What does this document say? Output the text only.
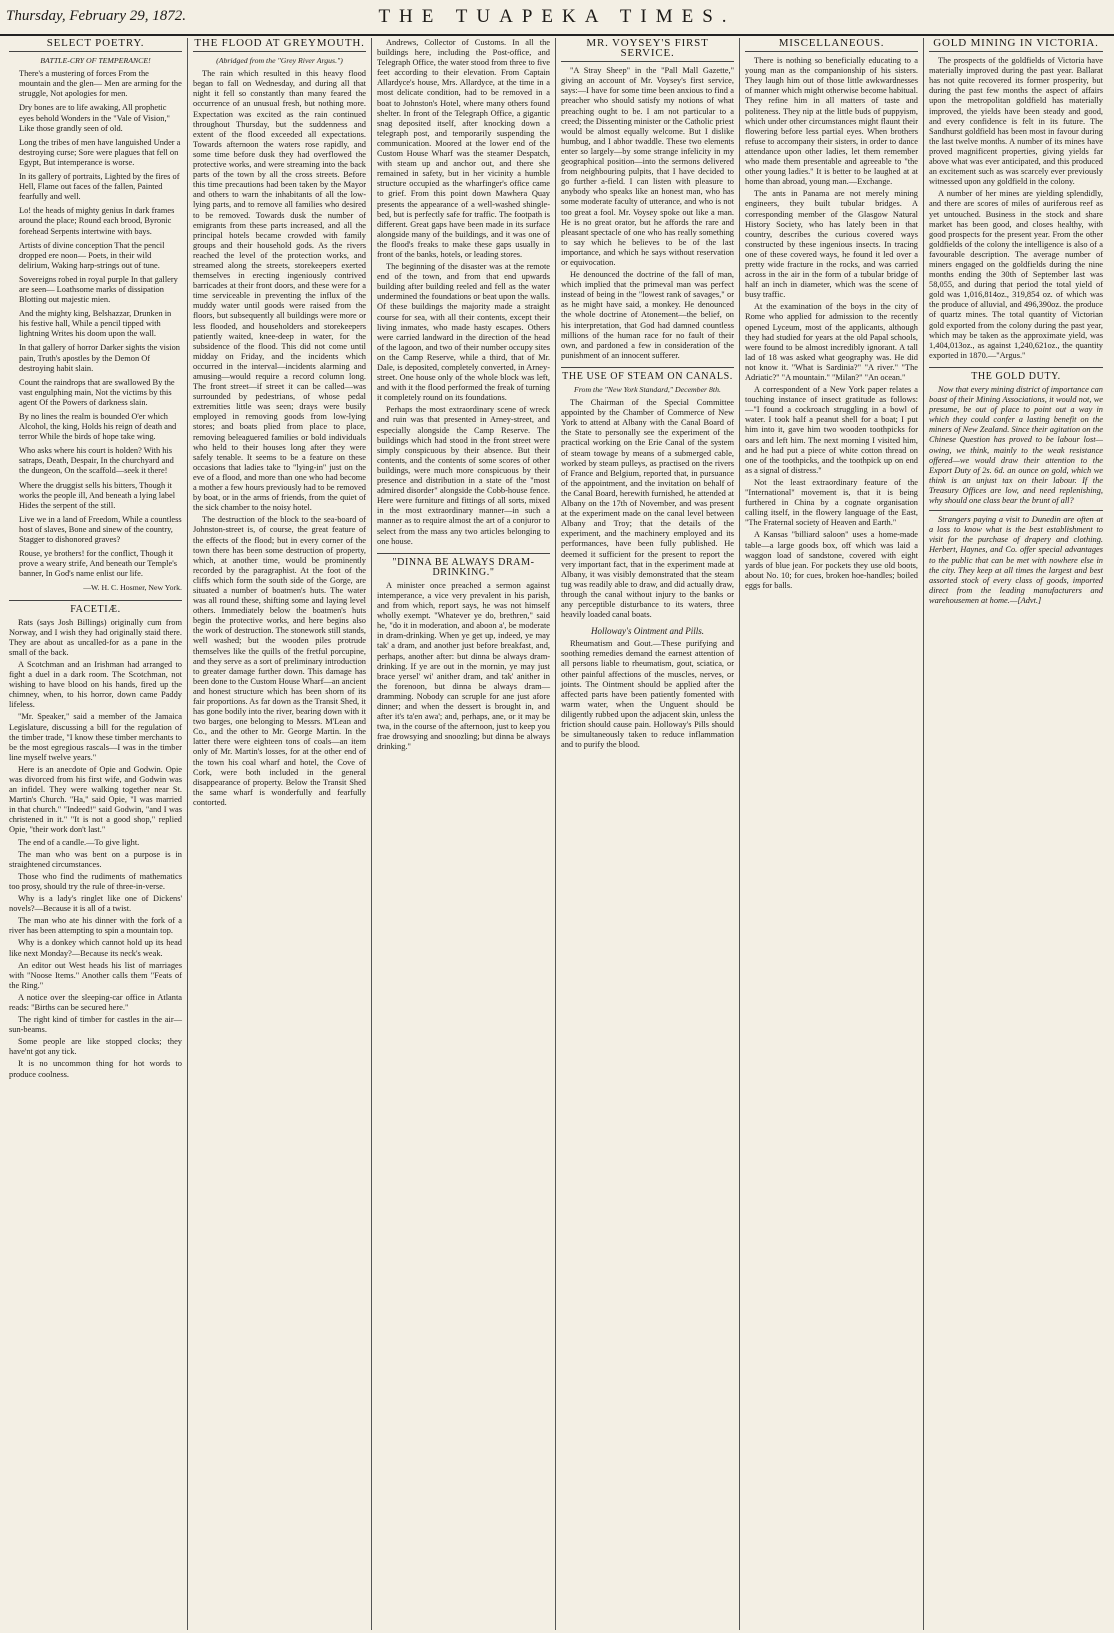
Thursday, February 29, 1872.	THE TUAPEKA TIMES.
SELECT POETRY.
BATTLE-CRY OF TEMPERANCE!

There's a mustering of forces From the mountain and the glen— Men are arming for the struggle, Not apologies for men.

Dry bones are to life awaking, All prophetic eyes behold Wonders in the "Vale of Vision," Like those grandly seen of old.

Long the tribes of men have languished Under a destroying curse; Sore were plagues that fell on Egypt, But intemperance is worse.

In its gallery of portraits, Lighted by the fires of Hell, Flame out faces of the fallen, Painted fearfully and well.

Lo! the heads of mighty genius In dark frames around the place; Round each brood, Byronic forehead Serpents intertwine with bays.

Artists of divine conception That the pencil dropped ere noon— Poets, in their wild delirium, Waking harp-strings out of tune.

Sovereigns robed in royal purple In that gallery are seen— Loathsome marks of dissipation Blotting out majestic mien.

And the mighty king, Belshazzar, Drunken in his festive hall, While a pencil tipped with lightning Writes his doom upon the wall.

In that gallery of horror Darker sights the vision pain, Truth's apostles by the Demon Of destroying habit slain.

Count the raindrops that are swallowed By the vast engulphing main, Not the victims by this agent Of the Powers of darkness slain.

By no lines the realm is bounded O'er which Alcohol, the king, Holds his reign of death and terror While the birds of hope take wing.

Who asks where his court is holden? With his satraps, Death, Despair, In the churchyard and the dungeon, On the scaffold—seek it there!

Where the druggist sells his bitters, Though it works the people ill, And beneath a lying label Hides the serpent of the still.

Live we in a land of Freedom, While a countless host of slaves, Bone and sinew of the country, Stagger to dishonored graves?

Rouse, ye brothers! for the conflict, Though it prove a weary strife, And beneath our Temple's banner, In God's name enlist our life.

—W. H. C. Hosmer, New York.
FACETIÆ.

Rats (says Josh Billings) originally cum from Norway, and I wish they had originally staid there. They are about as uncalled-for as a pane in the small of the back.

A Scotchman and an Irishman had arranged to fight a duel in a dark room. The Scotchman, not wishing to have blood on his hands, fired up the chimney, when, to his horror, down came Paddy lifeless.

"Mr. Speaker," said a member of the Jamaica Legislature, discussing a bill for the regulation of the timber trade, "I know these timber merchants to be the most egregious rascals—I was in the timber line myself twelve years."

Here is an anecdote of Opie and Godwin. Opie was divorced from his first wife, and Godwin was an infidel. They were walking together near St. Martin's Church. "Ha," said Opie, "I was married in that church." "Indeed!" said Godwin, "and I was christened in it." "It is not a good shop," replied Opie, "their work don't last."

The end of a candle.—To give light.

The man who was bent on a purpose is in straightened circumstances.

Those who find the rudiments of mathematics too prosy, should try the rule of three-in-verse.

Why is a lady's ringlet like one of Dickens' novels?—Because it is all of a twist.

The man who ate his dinner with the fork of a river has been attempting to spin a mountain top.

Why is a donkey which cannot hold up its head like next Monday?—Because its neck's weak.

An editor out West heads his list of marriages with "Noose Items." Another calls them "Feats of the Ring."

A notice over the sleeping-car office in Atlanta reads: "Births can be secured here."

The right kind of timber for castles in the air—sun-beams.

Some people are like stopped clocks; they have'nt got any tick.

It is no uncommon thing for hot words to produce coolness.

THE FLOOD AT GREYMOUTH.
(Abridged from the "Grey River Argus.")

The rain which resulted in this heavy flood began to fall on Wednesday, and during all that night it fell so constantly than many feared the occurrence of an unusual fresh, but nothing more. Expectation was excited as the rain continued throughout Thursday, but the suddenness and extent of the flood exceeded all expectations. Towards afternoon the waters rose rapidly, and some time before dusk they had overflowed the protective works, and were streaming into the back parts of the town by all the cross streets. Before this time precautions had been taken by the Mayor and others to warn the inhabitants of all the low-lying parts, and to remove all families who desired to be removed. Towards dusk the number of emigrants from these parts increased, and all the principal hotels became crowded with family groups and their household gods. As the rivers reached the level of the protection works, and streamed along the streets, storekeepers exerted themselves in erecting ingeniously contrived barricades at their front doors, and these were for a time serviceable in preventing the influx of the muddy water until goods were raised from the floors, but subsequently all buildings were more or less flooded, and householders and storekeepers patiently waited, knee-deep in water, for the subsidence of the flood. This did not come until midday on Friday, and the incidents which occurred in the interval—incidents alarming and amusing—would require a record column long. The front street—if street it can be called—was surrounded by pedestrians, of whose pedal extremities little was seen; drays were busily employed in removing goods from low-lying stores; and boats plied from place to place, removing beleaguered families or bold individuals who held to their houses long after they were safely tenable. It seems to be a feature on these occasions that ladies take to "lying-in" just on the eve of a flood, and more than one who had become a mother a few hours previously had to be removed by boat, or in the arms of friends, from the quiet of the sick chamber to the noisy hotel.

The destruction of the block to the sea-board of Johnston-street is, of course, the great feature of the effects of the flood; but in every corner of the town there has been some destruction of property, which, at another time, would be prominently recorded by the paragraphist. At the foot of the cliffs which form the south side of the Gorge, are situated a number of boatmen's huts. The water was all round these, shifting some and laying level others. Immediately below the boatmen's huts begin the protective works, and here begins also the work of destruction. The stonework still stands, well washed; but the wooden piles protrude themselves like the quills of the fretful porcupine, and they serve as a sort of preliminary introduction to greater damage further down. This damage has been done to the Custom House Wharf—an ancient and honest structure which has been shorn of its fair proportions. As far down as the Transit Shed, it has gone bodily into the river, bearing down with it two barges, one belonging to Messrs. M'Lean and Co., and the other to Mr. George Martin. In the latter there were eighteen tons of coals—an item only of Mr. Martin's losses, for at the other end of the town his coal wharf and hotel, the Cove of Cork, were both included in the general disappearance of property. Below the Transit Shed the same wharf is wonderfully and fearfully contorted.

Andrews, Collector of Customs. In all the buildings here, including the Post-office, and Telegraph Office, the water stood from three to five feet according to their elevation. From Captain Allardyce's house, Mrs. Allardyce, at the time in a most delicate condition, had to be removed in a boat to Johnston's Hotel, where many others found shelter. In front of the Telegraph Office, a gigantic snag deposited itself, after knocking down a telegraph post, and temporarily suspending the communication. Moored at the lower end of the Custom House Wharf was the steamer Despatch, with steam up and anchor out, and there she remained in safety, but in her vicinity a humble structure occupied as the wharfinger's office came to grief. From this point down Mawhera Quay presents the appearance of a well-washed shingle-bed, but is perfectly safe for traffic. The footpath is different. Great gaps have been made in its surface alongside many of the buildings, and it was one of the flood's freaks to make these gaps usually in front of the banks, hotels, or leading stores.

The beginning of the disaster was at the remote end of the town, and from that end upwards building after building reeled and fell as the water undermined the foundations or beat upon the walls. Of these buildings the majority made a straight course for sea, with all their contents, except their living inmates, who made hasty escapes. Others were carried landward in the direction of the head of the lagoon, and two of their number occupy sites on the Camp Reserve, while a third, that of Mr. Dale, is deposited, completely converted, in Arney-street. One house only of the whole block was left, and with it the flood performed the freak of turning it completely round on its foundations.

Perhaps the most extraordinary scene of wreck and ruin was that presented in Arney-street, and especially alongside the Camp Reserve. The buildings which had stood in the front street were simply conspicuous by their absence. But their contents, and the contents of some scores of other buildings, were much more conspicuous by their presence and distribution in a state of the "most admired disorder" alongside the Cobb-house fence. Here were furniture and fittings of all sorts, mixed in the most extraordinary manner—in such a manner as to require almost the art of a conjuror to select from the mass any two articles belonging to one house.

"DINNA BE ALWAYS DRAM-DRINKING."

A minister once preached a sermon against intemperance, a vice very prevalent in his parish, and from which, report says, he was not himself wholly exempt. "Whatever ye do, brethren," said he, "do it in moderation, and aboon a', be moderate in dram-drinking. When ye get up, indeed, ye may tak' a dram, and another just before breakfast, and, perhaps, another after: but dinna be always dram-drinking. If ye are out in the mornin, ye may just brace yersel' wi' anither dram, and tak' anither in the forenoon, but dinna be always dram—dramming. Nobody can scruple for ane just afore dinner; and when the dessert is brought in, and after it's ta'en awa'; and, perhaps, ane, or it may be twa, in the course of the afternoon, just to keep you frae drowsying and snoozling; but dinna be always drinking."

MR. VOYSEY'S FIRST SERVICE.

"A Stray Sheep" in the "Pall Mall Gazette," giving an account of Mr. Voysey's first service, says:—I have for some time been anxious to find a preacher who should satisfy my notions of what preaching ought to be. I am not particular to a creed; the Dissenting minister or the Catholic priest would be almost equally welcome. But I dislike humbug, and I abhor twaddle. These two elements enter so largely—by some strange infelicity in my geographical position—into the sermons delivered from neighbouring pulpits, that I have decided to go further a-field. I can listen with pleasure to anybody who speaks like an honest man, who has some moderate faculty of utterance, and who is not too great a fool. Mr. Voysey spoke out like a man. He is no great orator, but he affords the rare and pleasant spectacle of one who has really something to say which he believes to be of the last importance, and which he says without reservation or equivocation.

He denounced the doctrine of the fall of man, which implied that the primeval man was perfect instead of being in the "lowest rank of savages," or as he might have said, a monkey. He denounced the whole doctrine of Atonement—the belief, on his interpretation, that God had damned countless millions of the human race for no fault of their own, and pardoned a few in consideration of the punishment of an innocent sufferer.

THE USE OF STEAM ON CANALS.
From the "New York Standard," December 8th.

The Chairman of the Special Committee appointed by the Chamber of Commerce of New York to attend at Albany with the Canal Board of the State to personally see the experiment of the practical working on the Erie Canal of the system of steam towage by means of a submerged cable, worked by steam pulleys, as practised on the rivers of France and Belgium, reported that, in pursuance of the appointment, and the invitation on behalf of the Canal Board, herewith furnished, he attended at Albany on the 17th of November, and was present at the experiment made on the canal level between Albany and Troy; that the details of the experiment, and the machinery employed and its performances, have been fully published. He deemed it sufficient for the present to report the very important fact, that in the experiment made at Albany, it was visibly demonstrated that the steam tug was readily able to draw, and did actually draw, through the canal without injury to the banks or any perceptible disturbance to its waters, three heavily loaded canal boats.

Holloway's Ointment and Pills.

Rheumatism and Gout.—These purifying and soothing remedies demand the earnest attention of all persons liable to rheumatism, gout, sciatica, or other painful affections of the muscles, nerves, or joints. The Ointment should be applied after the affected parts have been patiently fomented with warm water, when the Unguent should be diligently rubbed upon the adjacent skin, unless the friction should cause pain. Holloway's Pills should be simultaneously taken to reduce inflammation and to purify the blood.

MISCELLANEOUS.

There is nothing so beneficially educating to a young man as the companionship of his sisters. They laugh him out of those little awkwardnesses of manner which might otherwise become habitual. They refine him in all matters of taste and politeness. They nip at the little buds of puppyism, which under other circumstances might flaunt their flowering before less partial eyes. When brothers refuse to accompany their sisters, in order to dance attendance upon other ladies, let them remember who made them presentable and agreeable to "the other young ladies." It is better to be laughed at at home than abroad, young man.—Exchange.

The ants in Panama are not merely mining engineers, they built tubular bridges. A corresponding member of the Glasgow Natural History Society, who has lately been in that country, describes the curious covered ways constructed by these ingenious insects. In tracing one of these covered ways, he found it led over a pretty wide fracture in the rocks, and was carried across in the air in the form of a tubular bridge of half an inch in diameter, which was the scene of busy traffic.

At the examination of the boys in the city of Rome who applied for admission to the recently opened Lyceum, most of the applicants, although they had studied for years at the old Papal schools, were found to be almost incredibly ignorant. A tall lad of 18 was asked what geography was. He did not know it. "What is Sardinia?" "A river." "The Adriatic?" "A mountain." "Milan?" "An ocean."

A correspondent of a New York paper relates a touching instance of insect gratitude as follows:—"I found a cockroach struggling in a bowl of water. I took half a peanut shell for a boat; I put him into it, gave him two wooden toothpicks for oars and left him. The next morning I visited him, and he had put a piece of white cotton thread on one of the toothpicks, and the toothpick up on end as a signal of distress."

Not the least extraordinary feature of the "International" movement is, that it is being furthered in China by a cognate organisation calling itself, in the flowery language of the East, "The Fraternal society of Heaven and Earth."

A Kansas "billiard saloon" uses a home-made table—a large goods box, off which was laid a waggon load of sandstone, covered with eight yards of blue jean. For pockets they use old boots, about No. 10; for cues, broken hoe-handles; boiled eggs for balls.

GOLD MINING IN VICTORIA.

The prospects of the goldfields of Victoria have materially improved during the past year. Ballarat has not quite recovered its former prosperity, but during the past few months the aspect of affairs upon the metropolitan goldfield has materially improved, the yields have been steady and good, and every confidence is felt in its future. The Sandhurst goldfield has been most in favour during the last twelve months. A number of its mines have proved magnificent properties, giving yields far above what was ever anticipated, and this produced an excitement such as was scarcely ever previously witnessed upon any goldfield in the colony.

A number of her mines are yielding splendidly, and there are scores of miles of auriferous reef as yet untouched. Business in the stock and share market has been good, and closes healthy, with good prospects for the present year. From the other goldfields of the colony the intelligence is also of a favourable description. The average number of miners engaged on the goldfields during the nine months ending the 30th of September last was 58,055, and during that period the total yield of gold was 1,016,814oz., 319,854 oz. of which was the produce of alluvial, and 496,390oz. the produce of quartz mines. The total quantity of Victorian gold exported from the colony during the past year, which may be taken as the approximate yield, was 1,404,013oz., as against 1,240,621oz., the quantity exported in 1870.—"Argus."

THE GOLD DUTY.

Now that every mining district of importance can boast of their Mining Associations, it would not, we presume, be out of place to point out a way in which they could confer a lasting benefit on the miners of New Zealand. Since their agitation on the Chinese Question has proved to be labour lost—owing, we think, mainly to the weak resistance offered—we would draw their attention to the Export Duty of 2s. 6d. an ounce on gold, which we think is an unjust tax on their labour. If the Treasury Offices are low, and need replenishing, why should one class bear the brunt of all?

Strangers paying a visit to Dunedin are often at a loss to know what is the best establishment to visit for the purchase of drapery and clothing. Herbert, Haynes, and Co. offer special advantages to the public that can be met with nowhere else in the city. They keep at all times the largest and best assorted stock of every class of goods, imported direct from the leading manufacturers and warehousemen at home.—[Advt.]
